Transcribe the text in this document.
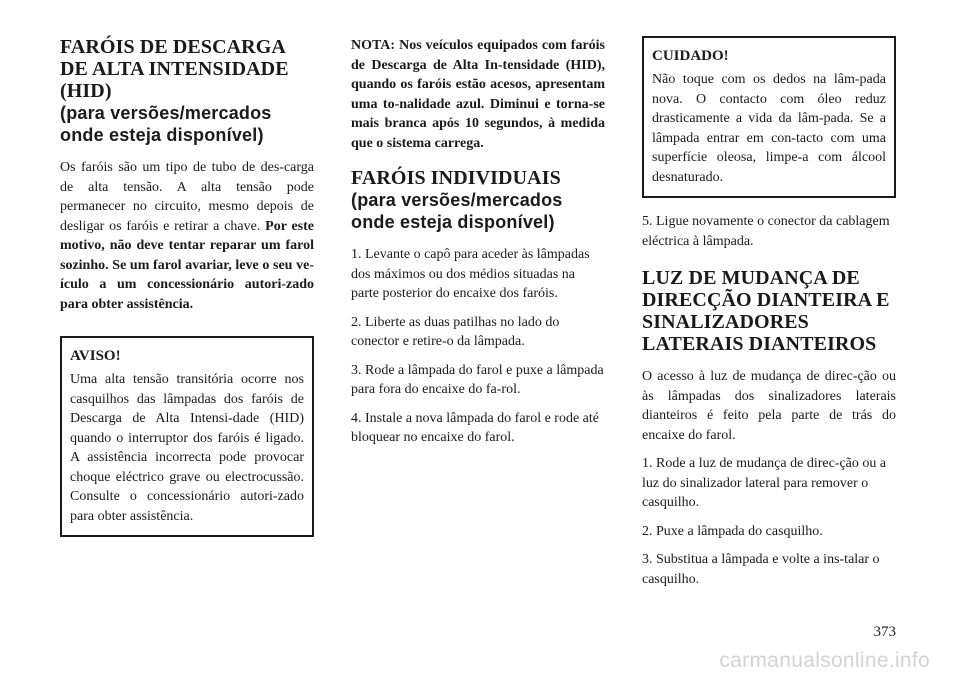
FARÓIS DE DESCARGA DE ALTA INTENSIDADE (HID)
(para versões/mercados onde esteja disponível)

Os faróis são um tipo de tubo de des-carga de alta tensão. A alta tensão pode permanecer no circuito, mesmo depois de desligar os faróis e retirar a chave. Por este motivo, não deve tentar reparar um farol sozinho. Se um farol avariar, leve o seu ve-ículo a um concessionário autori-zado para obter assistência.

AVISO!

Uma alta tensão transitória ocorre nos casquilhos das lâmpadas dos faróis de Descarga de Alta Intensi-dade (HID) quando o interruptor dos faróis é ligado. A assistência incorrecta pode provocar choque eléctrico grave ou electrocussão. Consulte o concessionário autori-zado para obter assistência.

NOTA: Nos veículos equipados com faróis de Descarga de Alta In-tensidade (HID), quando os faróis estão acesos, apresentam uma to-nalidade azul. Diminui e torna-se mais branca após 10 segundos, à medida que o sistema carrega.
FARÓIS INDIVIDUAIS
(para versões/mercados onde esteja disponível)

1. Levante o capô para aceder às lâmpadas dos máximos ou dos médios situadas na parte posterior do encaixe dos faróis.

2. Liberte as duas patilhas no lado do conector e retire-o da lâmpada.

3. Rode a lâmpada do farol e puxe a lâmpada para fora do encaixe do fa-rol.

4. Instale a nova lâmpada do farol e rode até bloquear no encaixe do farol.

CUIDADO!

Não toque com os dedos na lâm-pada nova. O contacto com óleo reduz drasticamente a vida da lâm-pada. Se a lâmpada entrar em con-tacto com uma superfície oleosa, limpe-a com álcool desnaturado.

5. Ligue novamente o conector da cablagem eléctrica à lâmpada.

LUZ DE MUDANÇA DE DIRECÇÃO DIANTEIRA E SINALIZADORES LATERAIS DIANTEIROS

O acesso à luz de mudança de direc-ção ou às lâmpadas dos sinalizadores laterais dianteiros é feito pela parte de trás do encaixe do farol.

1. Rode a luz de mudança de direc-ção ou a luz do sinalizador lateral para remover o casquilho.

2. Puxe a lâmpada do casquilho.

3. Substitua a lâmpada e volte a ins-talar o casquilho.

373
carmanualsonline.info
